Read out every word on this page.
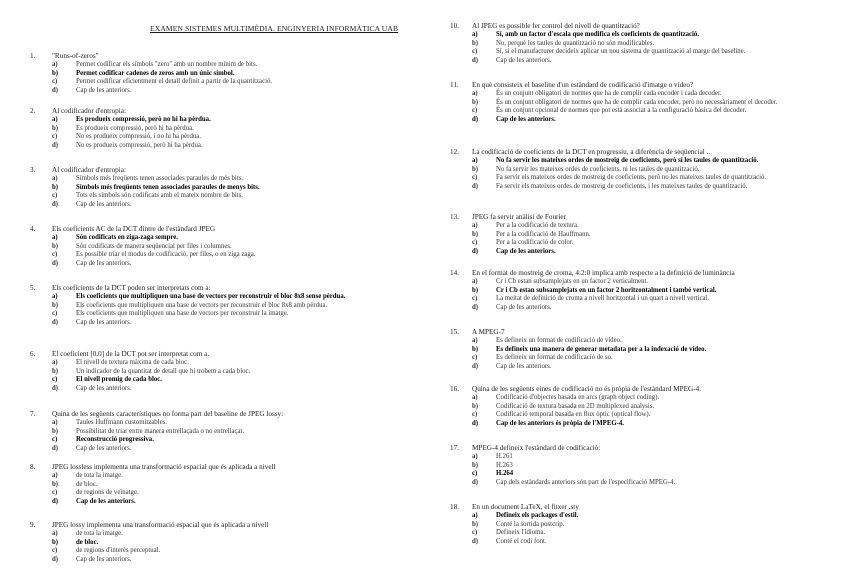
EXAMEN SISTEMES MULTIMÈDIA. ENGINYERIA INFORMÀTICA UAB
1.	"Runs-of-zeros"
a)	Permet codificar els símbols "zero" amb un nombre mínim de bits.
b)	Permet codificar cadenes de zeros amb un únic símbol.
c)	Permet codificar eficientment el detall definit a partir de la quantització.
d)	Cap de les anteriors.
2.	Al codificador d'entropia:
a)	Es produeix compressió, però no hi ha pèrdua.
b)	Es produeix compressió, però hi ha pèrdua.
c)	No es produeix compressió, i no hi ha pèrdua.
d)	No es produeix compressió, però hi ha pèrdua.
3.	Al codificador d'entropia:
a)	Símbols més freqüents tenen associades paraules de més bits.
b)	Símbols més freqüents tenen associades paraules de menys bits.
c)	Tots els símbols són codificats amb el mateix nombre de bits.
d)	Cap de les anteriors.
4.	Els coeficients AC de la DCT dintre de l'estàndard JPEG
a)	Són codificats en ziga-zaga sempre.
b)	Són codificats de manera seqüencial per files i columnes.
c)	Es possible triar el modus de codificació, per files, o en ziga zaga.
d)	Cap de les anteriors.
5.	Els coeficients de la DCT poden ser interpretats com a:
a)	Els coeficients que multipliquen una base de vectors per reconstruir el bloc 8x8 sense pèrdua.
b)	Els coeficients que multipliquen una base de vectors per reconstruir el bloc 8x8 amb pèrdua.
c)	Els coeficients que multipliquen una base de vectors per reconstruir la imatge.
d)	Cap de les anteriors.
6.	El coeficient [0,0] de la DCT pot ser interpretat com a.
a)	El nivell de textura màxima de cada bloc.
b)	Un indicador de la quantitat de detall que hi trobem a cada bloc.
c)	El nivell promig de cada bloc.
d)	Cap de les anteriors.
7.	Quina de les següents característiques no forma part del baseline de JPEG lossy:
a)	Taules Huffmann customitzables.
b)	Possibilitat de triar entre manera entrellaçada o no entrellaçat.
c)	Reconstrucció progressiva.
d)	Cap de les anteriors.
8.	JPEG lossless implementa una transformació espacial que és aplicada a nivell
a)	de tota la imatge.
b)	de bloc.
c)	de regions de veïnatge.
d)	Cap de les anteriors.
9.	JPEG lossy implementa una transformació espacial que és aplicada a nivell
a)	de tota la imatge.
b)	de bloc.
c)	de regions d'interès perceptual.
d)	Cap de les anteriors.
10.	Al JPEG es possible fer control del nivell de quantització?
a)	Sí, amb un factor d'escala que modifica els coeficients de quantització.
b)	No, perquè les taules de quantització no són modificables.
c)	Sí, si el manufacturer decideix aplicar un nou sistema de quantització al marge del baseline.
d)	Cap de les anteriors.
11.	En què consisteix el baseline d'un estàndard de codificació d'imatge o vídeo?
a)	És un conjunt obligatori de normes que ha de complir cada encoder i cada decoder.
b)	És un conjunt obligatori de normes que ha de complir cada encoder, però no necessàriament el decoder.
c)	És un conjunt opcional de normes que pot està associat a la configuració bàsica del decoder.
d)	Cap de les anteriors.
12.	La codificació de coeficients de la DCT en progressiu, a diferència de seqüencial ..
a)	No fa servir les mateixes ordes de mostreig de coeficients, però sí les taules de quantització.
b)	No fa servir les mateixes ordes de coeficients, ni les taules de quantització.
c)	Fa servir els mateixos ordes de mostreig de coeficients, però no les mateixes taules de quantització.
d)	Fa servir els mateixos ordes de mostreig de coeficients, i les mateixes taules de quantització.
13.	JPEG fa servir anàlisi de Fourier
a)	Per a la codificació de textura.
b)	Per a la codificació de Hauffmann.
c)	Per a la codificació de color.
d)	Cap de les anteriors.
14.	En el format de mostreig de croma, 4:2:0 implica amb respecte a la definició de luminància
a)	Cr i Cb estan subsamplejats en un factor 2 verticalment.
b)	Cr i Cb estan subsamplejats en un factor 2 horitzontalment i també vertical.
c)	La meitat de definició de croma a nivell horitzontal i un quart a nivell vertical.
d)	Cap de les anteriors.
15.	A MPEG-7
a)	Es defineix un format de codificació de vídeo.
b)	Es defineix una manera de generar metadata per a la indexació de vídeo.
c)	Es defineix un format de codificació de so.
d)	Cap de les anteriors.
16.	Quina de les següents eines de codificació no és pròpia de l'estàndard MPEG-4.
a)	Codificació d'objectes basada en arcs (graph object coding).
b)	Codificació de textura basada en 2D multiplexed analysis.
c)	Codificació temporal basada en flux òptic (optical flow).
d)	Cap de les anteriors és pròpia de l'MPEG-4.
17.	MPEG-4 defineix l'estàndard de codificació:
a)	H.261
b)	H.263
c)	H.264
d)	Cap dels estàndards anteriors són part de l'especificació MPEG-4.
18.	En un document LaTeX, el fitxer .sty
a)	Defineix els packages d'estil.
b)	Conté la sortida postcrip.
c)	Defineix l'idioma.
d)	Conté el codi font.
